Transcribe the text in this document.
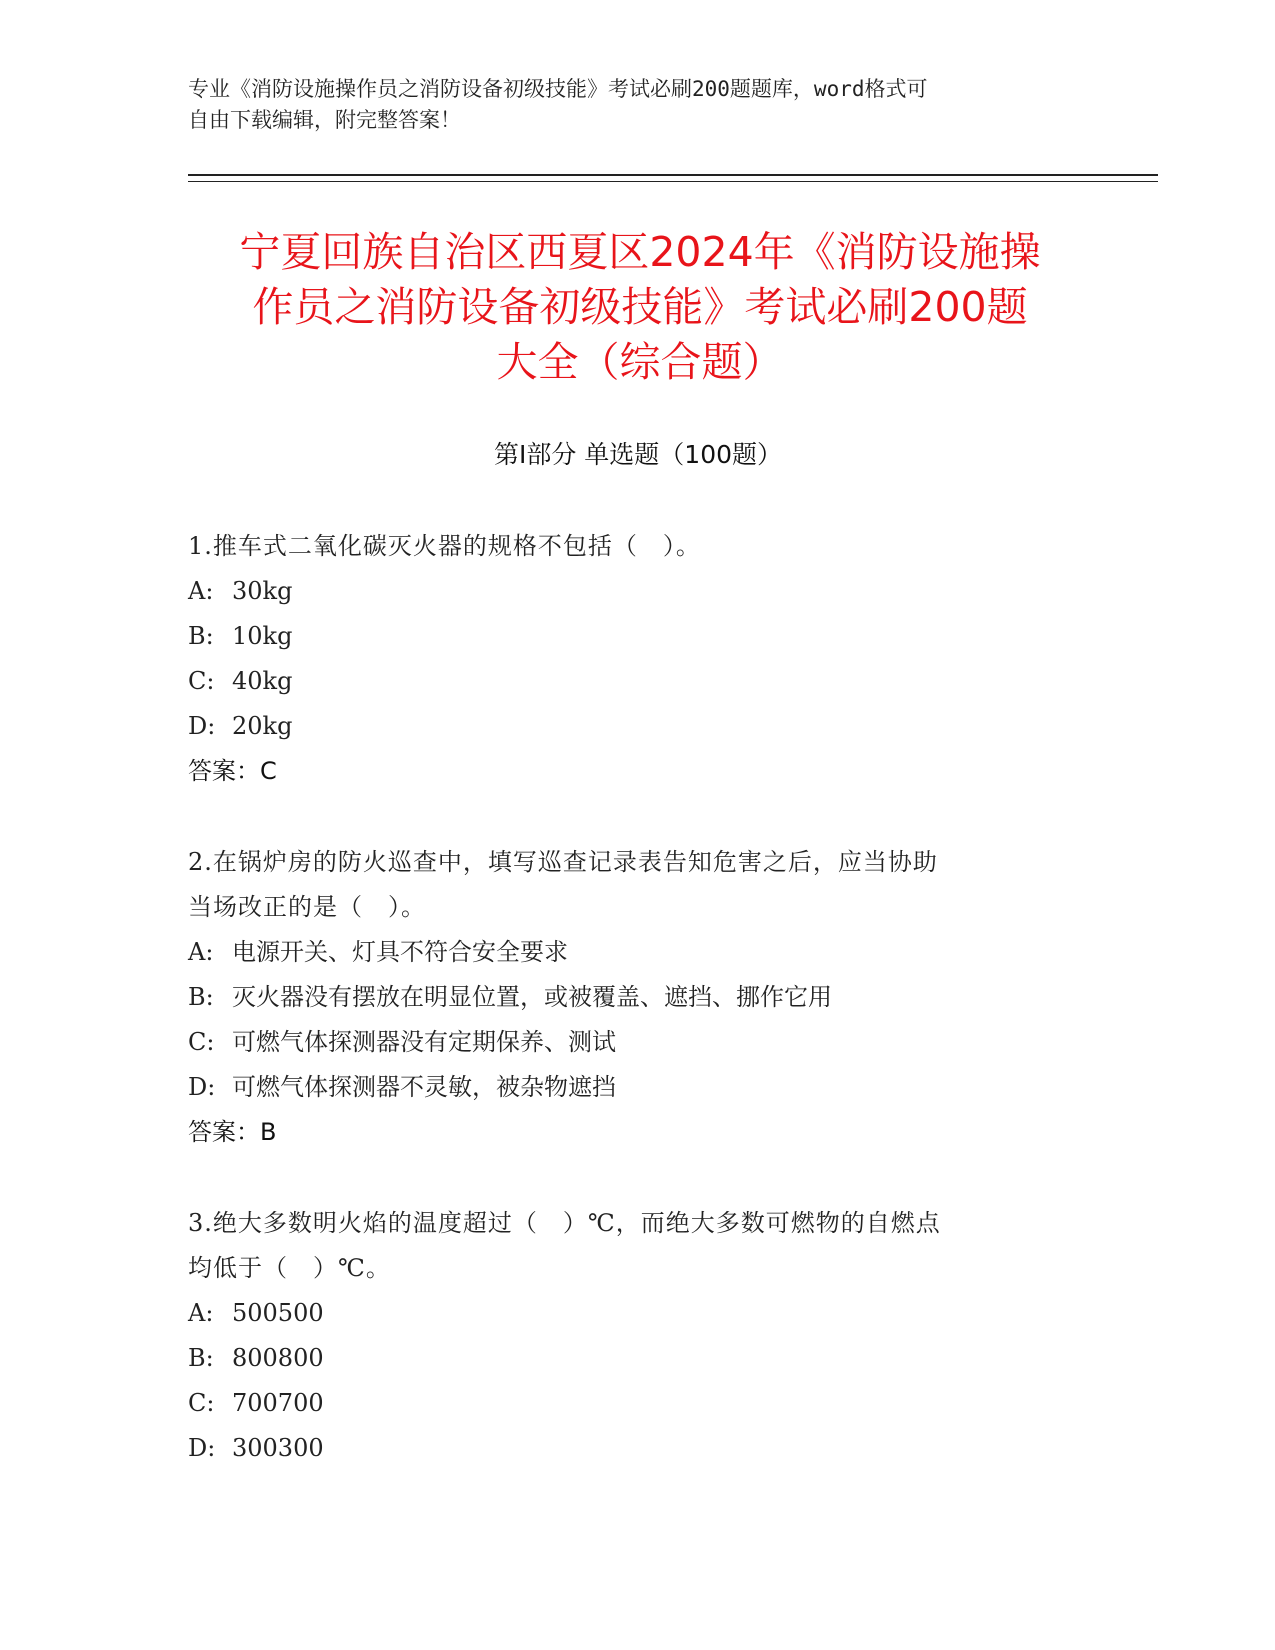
专业《消防设施操作员之消防设备初级技能》考试必刷200题题库，word格式可
自由下载编辑，附完整答案！
宁夏回族自治区西夏区2024年《消防设施操
作员之消防设备初级技能》考试必刷200题
大全（综合题）
第Ⅰ部分 单选题（100题）
1.推车式二氧化碳灭火器的规格不包括（　）。
A: 30kg
B: 10kg
C: 40kg
D: 20kg
答案：C
2.在锅炉房的防火巡查中，填写巡查记录表告知危害之后，应当协助
当场改正的是（　）。
A: 电源开关、灯具不符合安全要求
B: 灭火器没有摆放在明显位置，或被覆盖、遮挡、挪作它用
C: 可燃气体探测器没有定期保养、测试
D: 可燃气体探测器不灵敏，被杂物遮挡
答案：B
3.绝大多数明火焰的温度超过（　）℃，而绝大多数可燃物的自燃点
均低于（　）℃。
A: 500500
B: 800800
C: 700700
D: 300300
